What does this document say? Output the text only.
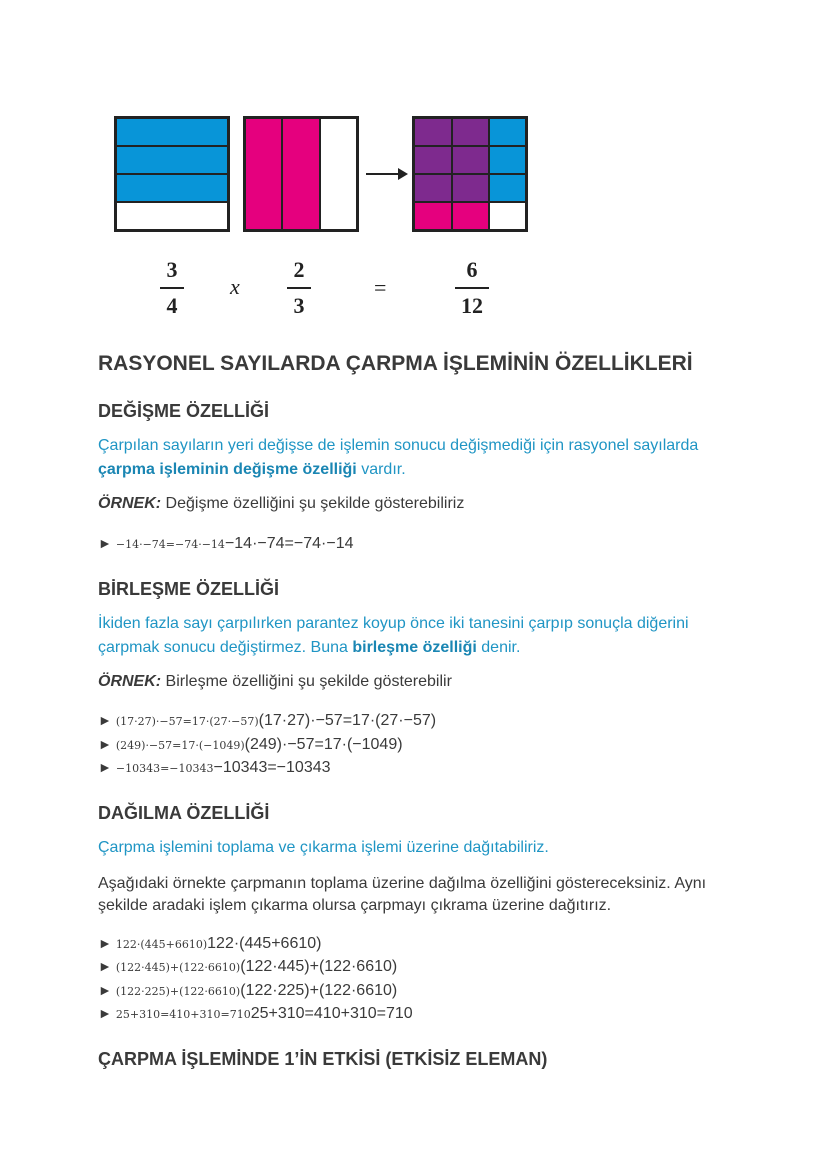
3
4
x
2
3
=
6
12
RASYONEL SAYILARDA ÇARPMA İŞLEMİNİN ÖZELLİKLERİ
DEĞİŞME ÖZELLİĞİ

Çarpılan sayıların yeri değişse de işlemin sonucu değişmediği için rasyonel sayılarda çarpma işleminin değişme özelliği vardır.

ÖRNEK: Değişme özelliğini şu şekilde gösterebiliriz

► −14·−74=−74·−14−14·−74=−74·−14

BİRLEŞME ÖZELLİĞİ

İkiden fazla sayı çarpılırken parantez koyup önce iki tanesini çarpıp sonuçla diğerini çarpmak sonucu değiştirmez. Buna birleşme özelliği denir.

ÖRNEK: Birleşme özelliğini şu şekilde gösterebilir

► (17·27)·−57=17·(27·−57)(17·27)·−57=17·(27·−57)

► (249)·−57=17·(−1049)(249)·−57=17·(−1049)

► −10343=−10343−10343=−10343

DAĞILMA ÖZELLİĞİ

Çarpma işlemini toplama ve çıkarma işlemi üzerine dağıtabiliriz.

Aşağıdaki örnekte çarpmanın toplama üzerine dağılma özelliğini göstereceksiniz. Aynı şekilde aradaki işlem çıkarma olursa çarpmayı çıkrama üzerine dağıtırız.

► 122·(445+6610)122·(445+6610)

► (122·445)+(122·6610)(122·445)+(122·6610)

► (122·225)+(122·6610)(122·225)+(122·6610)

► 25+310=410+310=71025+310=410+310=710

ÇARPMA İŞLEMİNDE 1’İN ETKİSİ (ETKİSİZ ELEMAN)
